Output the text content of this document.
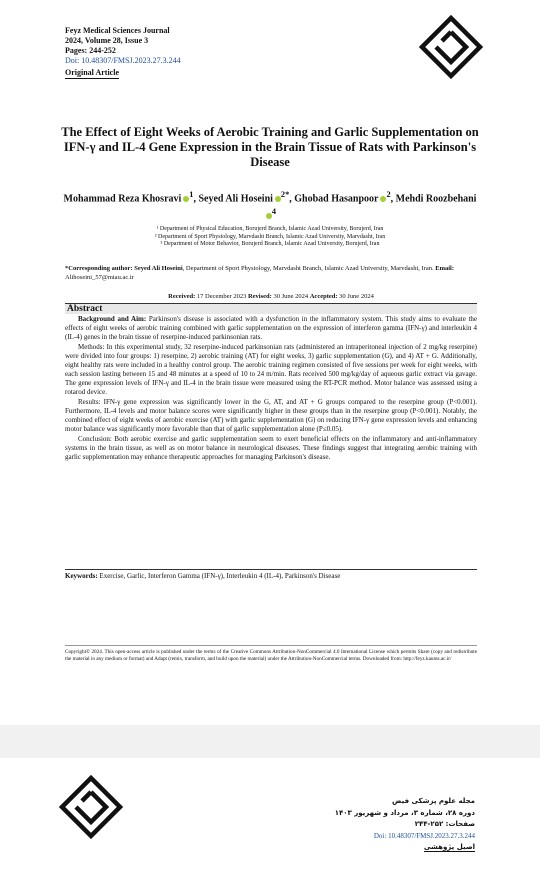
Feyz Medical Sciences Journal
2024, Volume 28, Issue 3
Pages: 244-252
Doi: 10.48307/FMSJ.2023.27.3.244
Original Article
The Effect of Eight Weeks of Aerobic Training and Garlic Supplementation on IFN-γ and IL-4 Gene Expression in the Brain Tissue of Rats with Parkinson's Disease
Mohammad Reza Khosravi $^1$, Seyed Ali Hoseini $^{2*}$, Ghobad Hasanpoor $^2$, Mehdi Roozbehani$^4$
¹ Department of Physical Education, Borujerd Branch, Islamic Azad University, Borujerd, Iran
² Department of Sport Physiology, Marvdasht Branch, Islamic Azad University, Marvdasht, Iran
³ Department of Motor Behavior, Borujerd Branch, Islamic Azad University, Borujerd, Iran
*Corresponding author: Seyed Ali Hoseini, Department of Sport Physiology, Marvdasht Branch, Islamic Azad University, Marvdasht, Iran. Email: Alihoseini_57@miau.ac.ir
Received: 17 December 2023 Revised: 30 June 2024 Accepted: 30 June 2024
Abstract

Background and Aim: Parkinson's disease is associated with a dysfunction in the inflammatory system. This study aims to evaluate the effects of eight weeks of aerobic training combined with garlic supplementation on the expression of interferon gamma (IFN-γ) and interleukin 4 (IL-4) genes in the brain tissue of reserpine-induced parkinsonian rats.

Methods: In this experimental study, 32 reserpine-induced parkinsonian rats (administered an intraperitoneal injection of 2 mg/kg reserpine) were divided into four groups: 1) reserpine, 2) aerobic training (AT) for eight weeks, 3) garlic supplementation (G), and 4) AT + G. Additionally, eight healthy rats were included in a healthy control group. The aerobic training regimen consisted of five sessions per week for eight weeks, with each session lasting between 15 and 48 minutes at a speed of 10 to 24 m/min. Rats received 500 mg/kg/day of aqueous garlic extract via gavage. The gene expression levels of IFN-γ and IL-4 in the brain tissue were measured using the RT-PCR method. Motor balance was assessed using a rotarod device.

Results: IFN-γ gene expression was significantly lower in the G, AT, and AT + G groups compared to the reserpine group (P<0.001). Furthermore, IL-4 levels and motor balance scores were significantly higher in these groups than in the reserpine group (P<0.001). Notably, the combined effect of eight weeks of aerobic exercise (AT) with garlic supplementation (G) on reducing IFN-γ gene expression levels and enhancing motor balance was significantly more favorable than that of garlic supplementation alone (P≤0.05).

Conclusion: Both aerobic exercise and garlic supplementation seem to exert beneficial effects on the inflammatory and anti-inflammatory systems in the brain tissue, as well as on motor balance in neurological diseases. These findings suggest that integrating aerobic training with garlic supplementation may enhance therapeutic approaches for managing Parkinson's disease.

Keywords: Exercise, Garlic, Interferon Gamma (IFN-γ), Interleukin 4 (IL-4), Parkinson's Disease
Copyright© 2024. This open-access article is published under the terms of the Creative Commons Attribution-NonCommercial 4.0 International License which permits Share (copy and redistribute the material in any medium or format) and Adapt (remix, transform, and build upon the material) under the Attribution-NonCommercial terms. Downloaded from: http://feyz.kaums.ac.ir/
مجله علوم پزشکی فیض
دوره ۲۸، شماره ۳، مرداد و شهریور ۱۴۰۳
صفحات: ۲۵۲-۲۴۴
Doi: 10.48307/FMSJ.2023.27.3.244
اصیل پژوهشی
